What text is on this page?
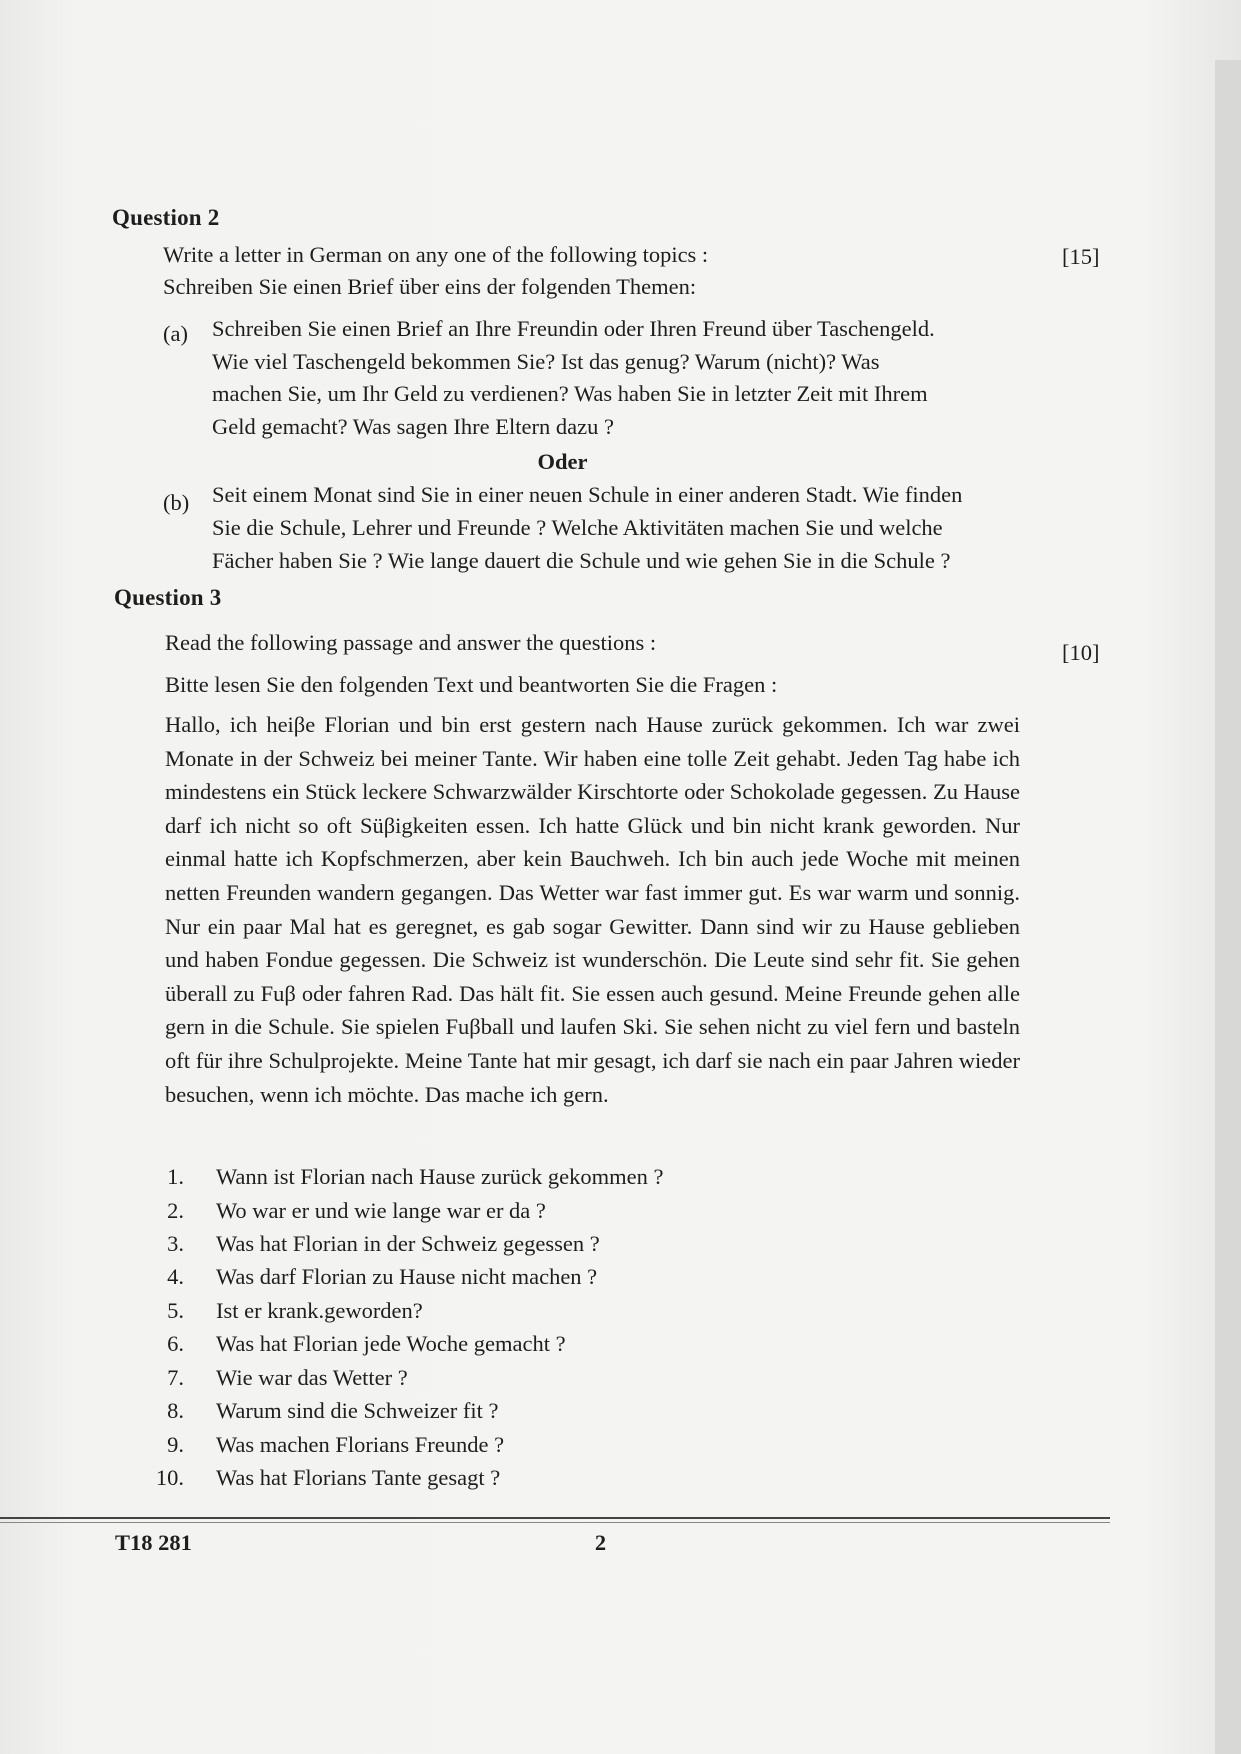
Question 2
Write a letter in German on any one of the following topics :	[15]
Schreiben Sie einen Brief über eins der folgenden Themen:
(a) Schreiben Sie einen Brief an Ihre Freundin oder Ihren Freund über Taschengeld.
Wie viel Taschengeld bekommen Sie? Ist das genug? Warum (nicht)? Was
machen Sie, um Ihr Geld zu verdienen? Was haben Sie in letzter Zeit mit Ihrem
Geld gemacht? Was sagen Ihre Eltern dazu ?
Oder
(b) Seit einem Monat sind Sie in einer neuen Schule in einer anderen Stadt. Wie finden
Sie die Schule, Lehrer und Freunde ? Welche Aktivitäten machen Sie und welche
Fächer haben Sie ? Wie lange dauert die Schule und wie gehen Sie in die Schule ?
Question 3
Read the following passage and answer the questions :	[10]
Bitte lesen Sie den folgenden Text und beantworten Sie die Fragen :
Hallo, ich heiβe Florian und bin erst gestern nach Hause zurück gekommen. Ich war zwei Monate in der Schweiz bei meiner Tante. Wir haben eine tolle Zeit gehabt. Jeden Tag habe ich mindestens ein Stück leckere Schwarzwälder Kirschtorte oder Schokolade gegessen. Zu Hause darf ich nicht so oft Süβigkeiten essen. Ich hatte Glück und bin nicht krank geworden. Nur einmal hatte ich Kopfschmerzen, aber kein Bauchweh. Ich bin auch jede Woche mit meinen netten Freunden wandern gegangen. Das Wetter war fast immer gut. Es war warm und sonnig. Nur ein paar Mal hat es geregnet, es gab sogar Gewitter. Dann sind wir zu Hause geblieben und haben Fondue gegessen. Die Schweiz ist wunderschön. Die Leute sind sehr fit. Sie gehen überall zu Fuβ oder fahren Rad. Das hält fit. Sie essen auch gesund. Meine Freunde gehen alle gern in die Schule. Sie spielen Fuβball und laufen Ski. Sie sehen nicht zu viel fern und basteln oft für ihre Schulprojekte. Meine Tante hat mir gesagt, ich darf sie nach ein paar Jahren wieder besuchen, wenn ich möchte. Das mache ich gern.
1. Wann ist Florian nach Hause zurück gekommen ?
2. Wo war er und wie lange war er da ?
3. Was hat Florian in der Schweiz gegessen ?
4. Was darf Florian zu Hause nicht machen ?
5. Ist er krank.geworden?
6. Was hat Florian jede Woche gemacht ?
7. Wie war das Wetter ?
8. Warum sind die Schweizer fit ?
9. Was machen Florians Freunde ?
10. Was hat Florians Tante gesagt ?
T18 281	2
